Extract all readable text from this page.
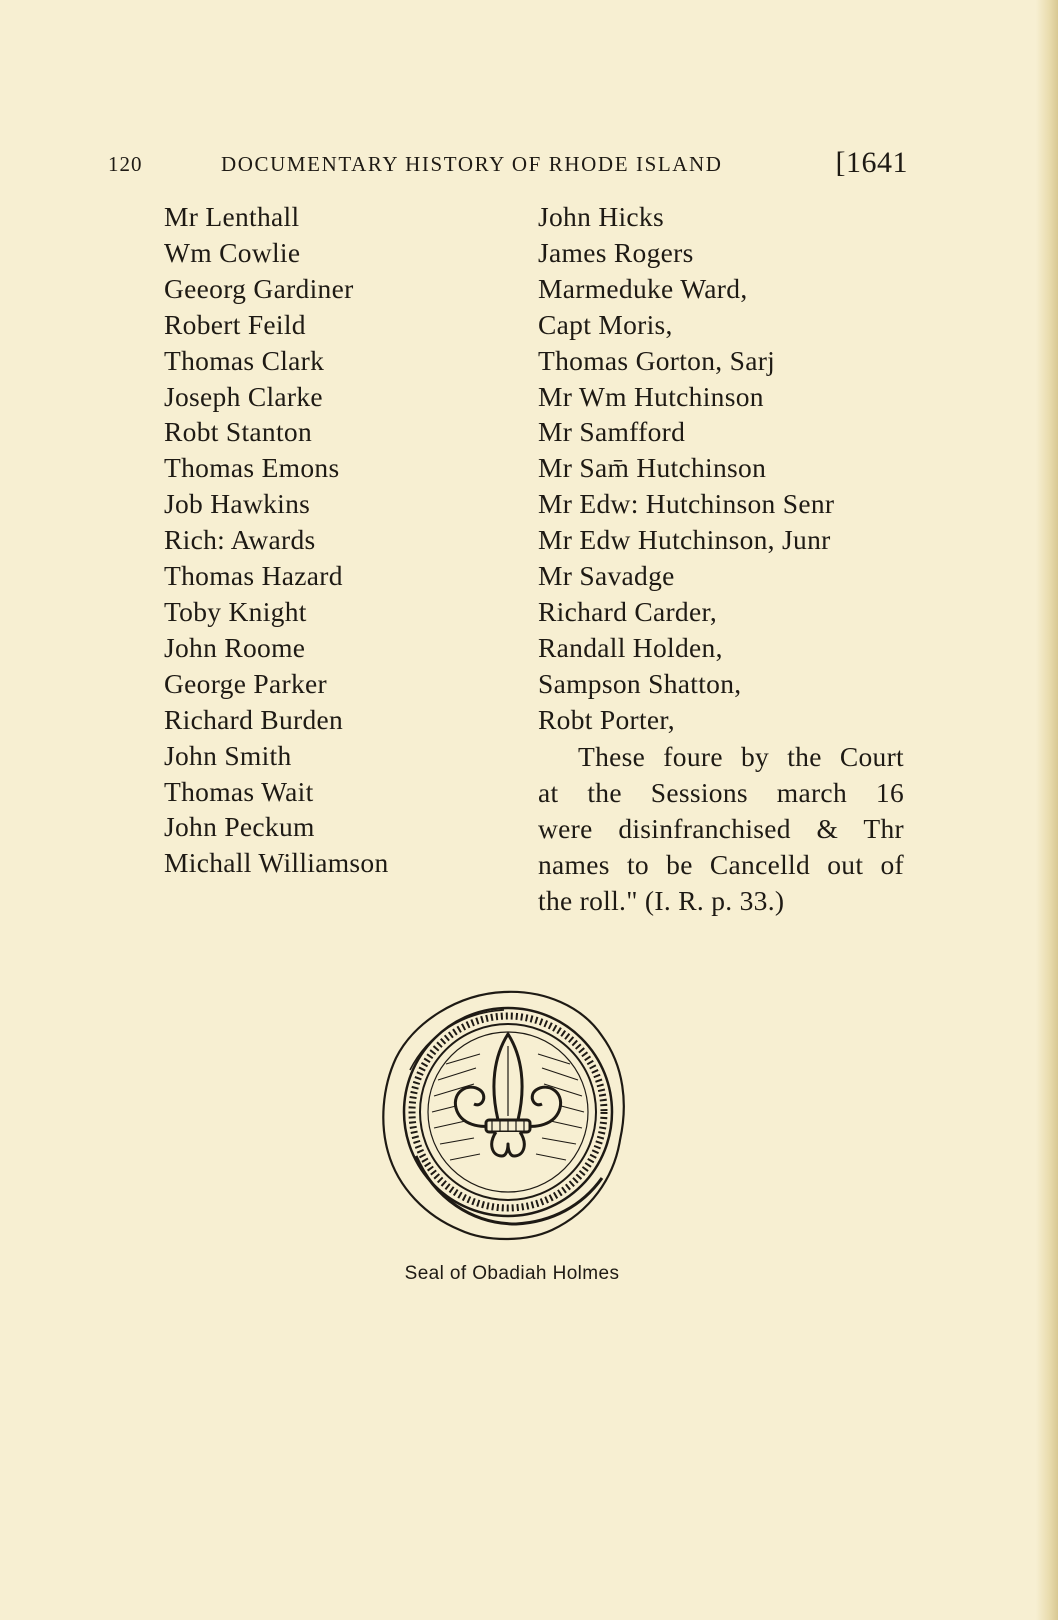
120	DOCUMENTARY HISTORY OF RHODE ISLAND	[1641
Mr Lenthall
Wm Cowlie
Geeorg Gardiner
Robert Feild
Thomas Clark
Joseph Clarke
Robt Stanton
Thomas Emons
Job Hawkins
Rich: Awards
Thomas Hazard
Toby Knight
John Roome
George Parker
Richard Burden
John Smith
Thomas Wait
John Peckum
Michall Williamson
John Hicks
James Rogers
Marmeduke Ward,
Capt Moris,
Thomas Gorton, Sarj
Mr Wm Hutchinson
Mr Samfford
Mr Sam̄ Hutchinson
Mr Edw: Hutchinson Senr
Mr Edw Hutchinson, Junr
Mr Savadge
Richard Carder,
Randall Holden,
Sampson Shatton,
Robt Porter,
These foure by the Court
at the Sessions march 16
were disinfranchised & Thr
names to be Cancelld out of
the roll." (I. R. p. 33.)
Seal of Obadiah Holmes
